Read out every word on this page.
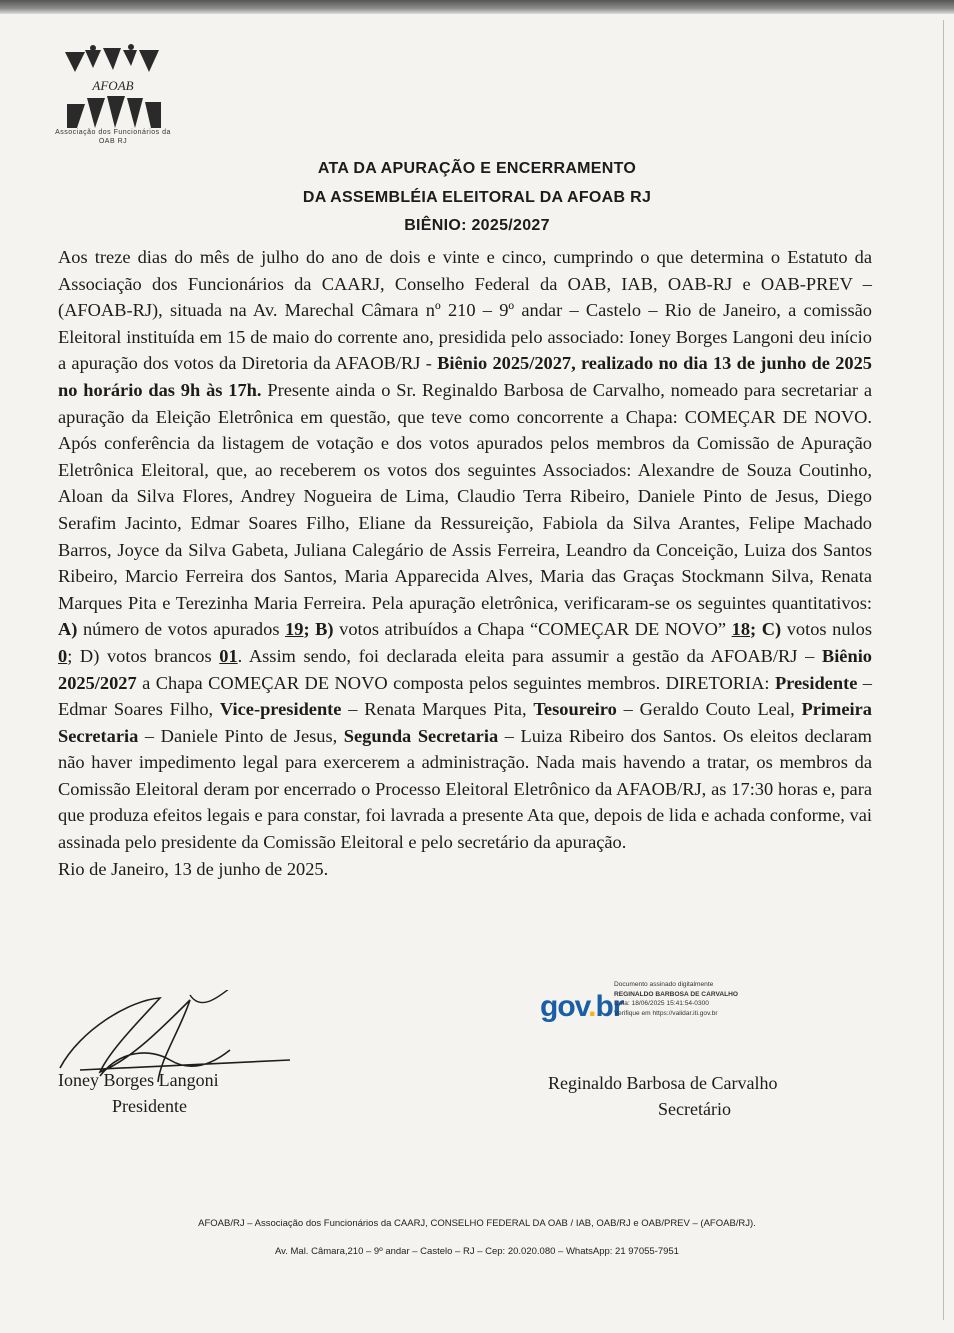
AFOAB
Associação dos Funcionários da OAB RJ
ATA DA APURAÇÃO E ENCERRAMENTO
DA ASSEMBLÉIA ELEITORAL DA AFOAB RJ
BIÊNIO: 2025/2027
Aos treze dias do mês de julho do ano de dois e vinte e cinco, cumprindo o que determina o Estatuto da Associação dos Funcionários da CAARJ, Conselho Federal da OAB, IAB, OAB-RJ e OAB-PREV – (AFOAB-RJ), situada na Av. Marechal Câmara nº 210 – 9º andar – Castelo – Rio de Janeiro, a comissão Eleitoral instituída em 15 de maio do corrente ano, presidida pelo associado: Ioney Borges Langoni deu início a apuração dos votos da Diretoria da AFAOB/RJ - Biênio 2025/2027, realizado no dia 13 de junho de 2025 no horário das 9h às 17h. Presente ainda o Sr. Reginaldo Barbosa de Carvalho, nomeado para secretariar a apuração da Eleição Eletrônica em questão, que teve como concorrente a Chapa: COMEÇAR DE NOVO. Após conferência da listagem de votação e dos votos apurados pelos membros da Comissão de Apuração Eletrônica Eleitoral, que, ao receberem os votos dos seguintes Associados: Alexandre de Souza Coutinho, Aloan da Silva Flores, Andrey Nogueira de Lima, Claudio Terra Ribeiro, Daniele Pinto de Jesus, Diego Serafim Jacinto, Edmar Soares Filho, Eliane da Ressureição, Fabiola da Silva Arantes, Felipe Machado Barros, Joyce da Silva Gabeta, Juliana Calegário de Assis Ferreira, Leandro da Conceição, Luiza dos Santos Ribeiro, Marcio Ferreira dos Santos, Maria Apparecida Alves, Maria das Graças Stockmann Silva, Renata Marques Pita e Terezinha Maria Ferreira. Pela apuração eletrônica, verificaram-se os seguintes quantitativos: A) número de votos apurados 19; B) votos atribuídos a Chapa “COMEÇAR DE NOVO” 18; C) votos nulos 0; D) votos brancos 01. Assim sendo, foi declarada eleita para assumir a gestão da AFOAB/RJ – Biênio 2025/2027 a Chapa COMEÇAR DE NOVO composta pelos seguintes membros. DIRETORIA: Presidente – Edmar Soares Filho, Vice-presidente – Renata Marques Pita, Tesoureiro – Geraldo Couto Leal, Primeira Secretaria – Daniele Pinto de Jesus, Segunda Secretaria – Luiza Ribeiro dos Santos. Os eleitos declaram não haver impedimento legal para exercerem a administração. Nada mais havendo a tratar, os membros da Comissão Eleitoral deram por encerrado o Processo Eleitoral Eletrônico da AFAOB/RJ, as 17:30 horas e, para que produza efeitos legais e para constar, foi lavrada a presente Ata que, depois de lida e achada conforme, vai assinada pelo presidente da Comissão Eleitoral e pelo secretário da apuração.
Rio de Janeiro, 13 de junho de 2025.
Ioney Borges Langoni
Presidente
gov.br
Documento assinado digitalmente
REGINALDO BARBOSA DE CARVALHO
Data: 18/06/2025 15:41:54-0300
Verifique em https://validar.iti.gov.br
Reginaldo Barbosa de Carvalho
Secretário
AFOAB/RJ – Associação dos Funcionários da CAARJ, CONSELHO FEDERAL DA OAB / IAB, OAB/RJ e OAB/PREV – (AFOAB/RJ).
Av. Mal. Câmara,210 – 9º andar – Castelo – RJ – Cep: 20.020.080 – WhatsApp: 21 97055-7951
